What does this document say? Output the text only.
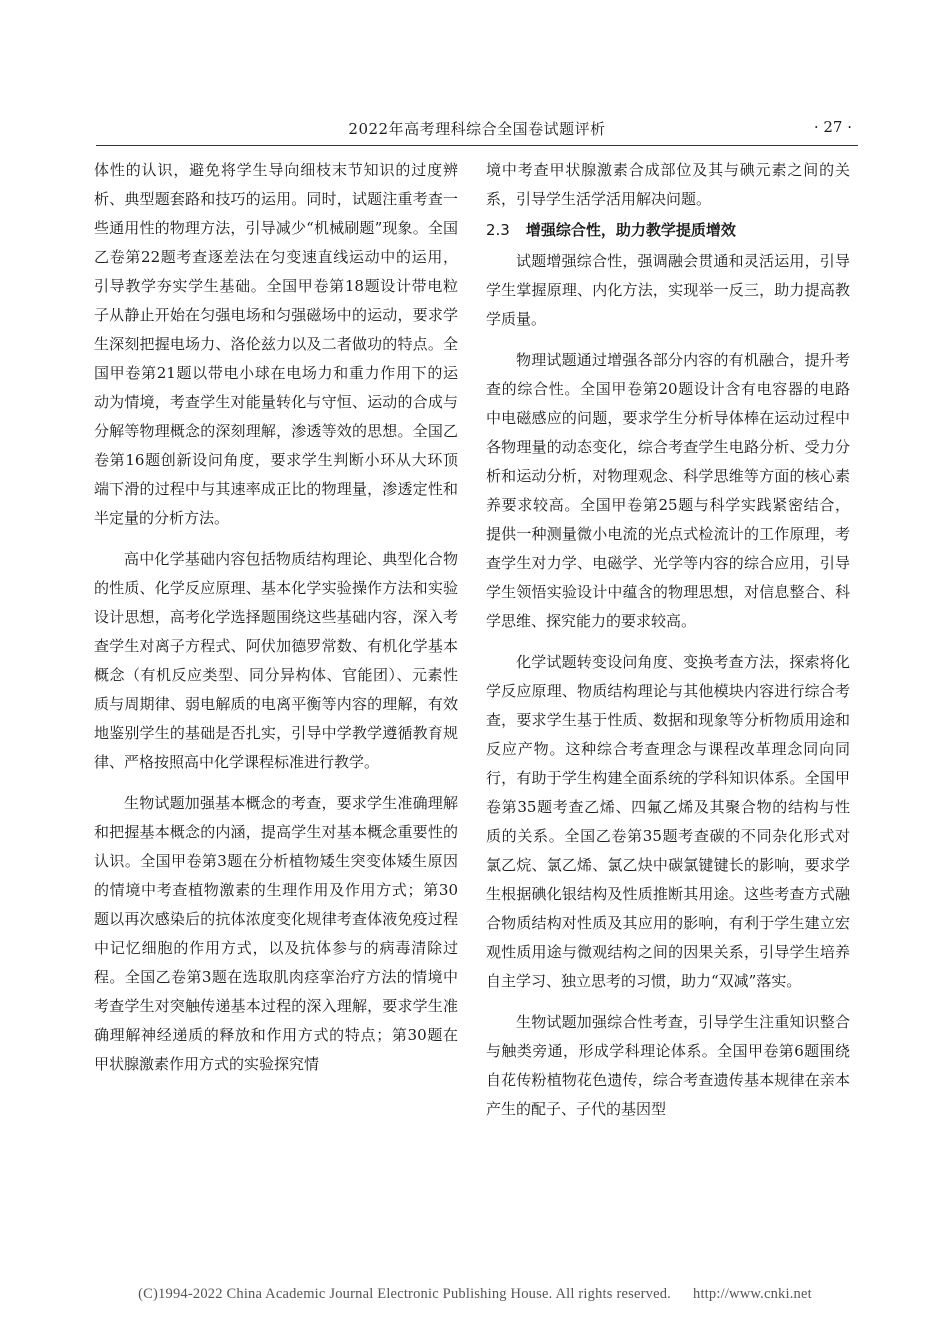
2022年高考理科综合全国卷试题评析	· 27 ·

体性的认识，避免将学生导向细枝末节知识的过度辨析、典型题套路和技巧的运用。同时，试题注重考查一些通用性的物理方法，引导减少“机械刷题”现象。全国乙卷第22题考查逐差法在匀变速直线运动中的运用，引导教学夯实学生基础。全国甲卷第18题设计带电粒子从静止开始在匀强电场和匀强磁场中的运动，要求学生深刻把握电场力、洛伦兹力以及二者做功的特点。全国甲卷第21题以带电小球在电场力和重力作用下的运动为情境，考查学生对能量转化与守恒、运动的合成与分解等物理概念的深刻理解，渗透等效的思想。全国乙卷第16题创新设问角度，要求学生判断小环从大环顶端下滑的过程中与其速率成正比的物理量，渗透定性和半定量的分析方法。

高中化学基础内容包括物质结构理论、典型化合物的性质、化学反应原理、基本化学实验操作方法和实验设计思想，高考化学选择题围绕这些基础内容，深入考查学生对离子方程式、阿伏加德罗常数、有机化学基本概念（有机反应类型、同分异构体、官能团）、元素性质与周期律、弱电解质的电离平衡等内容的理解，有效地鉴别学生的基础是否扎实，引导中学教学遵循教育规律、严格按照高中化学课程标准进行教学。

生物试题加强基本概念的考查，要求学生准确理解和把握基本概念的内涵，提高学生对基本概念重要性的认识。全国甲卷第3题在分析植物矮生突变体矮生原因的情境中考查植物激素的生理作用及作用方式；第30题以再次感染后的抗体浓度变化规律考查体液免疫过程中记忆细胞的作用方式，以及抗体参与的病毒清除过程。全国乙卷第3题在选取肌肉痉挛治疗方法的情境中考查学生对突触传递基本过程的深入理解，要求学生准确理解神经递质的释放和作用方式的特点；第30题在甲状腺激素作用方式的实验探究情

境中考查甲状腺激素合成部位及其与碘元素之间的关系，引导学生活学活用解决问题。

2.3 增强综合性，助力教学提质增效

试题增强综合性，强调融会贯通和灵活运用，引导学生掌握原理、内化方法，实现举一反三，助力提高教学质量。

物理试题通过增强各部分内容的有机融合，提升考查的综合性。全国甲卷第20题设计含有电容器的电路中电磁感应的问题，要求学生分析导体棒在运动过程中各物理量的动态变化，综合考查学生电路分析、受力分析和运动分析，对物理观念、科学思维等方面的核心素养要求较高。全国甲卷第25题与科学实践紧密结合，提供一种测量微小电流的光点式检流计的工作原理，考查学生对力学、电磁学、光学等内容的综合应用，引导学生领悟实验设计中蕴含的物理思想，对信息整合、科学思维、探究能力的要求较高。

化学试题转变设问角度、变换考查方法，探索将化学反应原理、物质结构理论与其他模块内容进行综合考查，要求学生基于性质、数据和现象等分析物质用途和反应产物。这种综合考查理念与课程改革理念同向同行，有助于学生构建全面系统的学科知识体系。全国甲卷第35题考查乙烯、四氟乙烯及其聚合物的结构与性质的关系。全国乙卷第35题考查碳的不同杂化形式对氯乙烷、氯乙烯、氯乙炔中碳氯键键长的影响，要求学生根据碘化银结构及性质推断其用途。这些考查方式融合物质结构对性质及其应用的影响，有利于学生建立宏观性质用途与微观结构之间的因果关系，引导学生培养自主学习、独立思考的习惯，助力“双减”落实。

生物试题加强综合性考查，引导学生注重知识整合与触类旁通，形成学科理论体系。全国甲卷第6题围绕自花传粉植物花色遗传，综合考查遗传基本规律在亲本产生的配子、子代的基因型

(C)1994-2022 China Academic Journal Electronic Publishing House. All rights reserved. http://www.cnki.net
